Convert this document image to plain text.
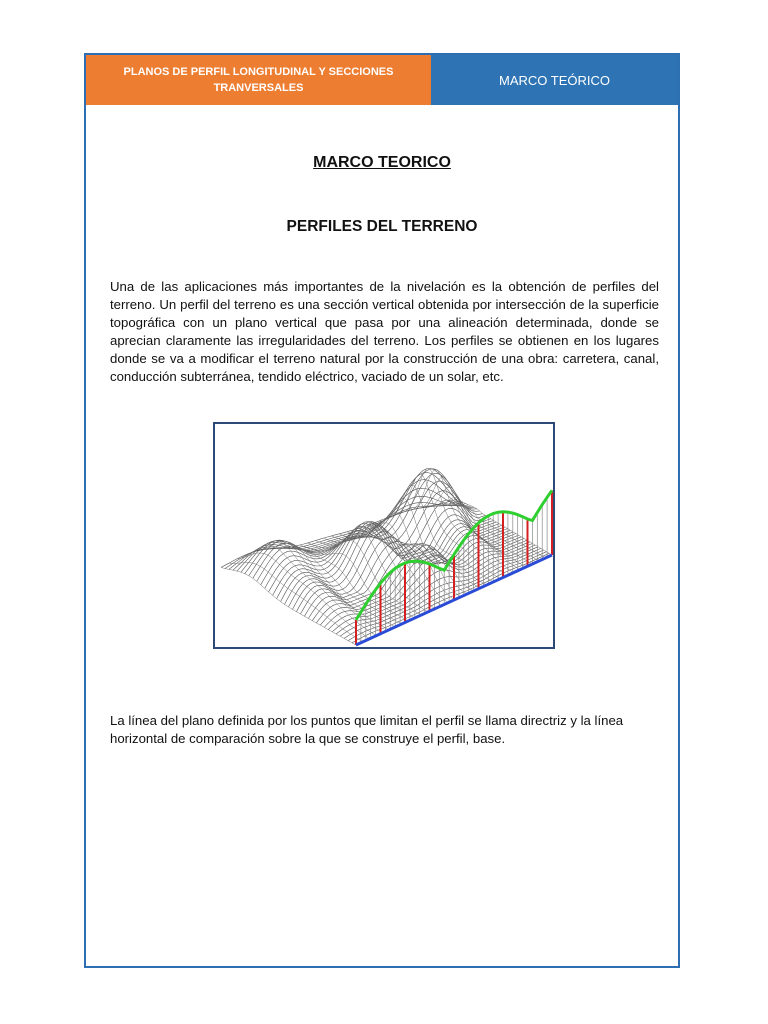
PLANOS DE PERFIL LONGITUDINAL Y SECCIONES TRANVERSALES
MARCO TEÓRICO
MARCO TEORICO
PERFILES DEL TERRENO
Una de las aplicaciones más importantes de la nivelación es la obtención de perfiles del terreno. Un perfil del terreno es una sección vertical obtenida por intersección de la superficie topográfica con un plano vertical que pasa por una alineación determinada, donde se aprecian claramente las irregularidades del terreno. Los perfiles se obtienen en los lugares donde se va a modificar el terreno natural por la construcción de una obra: carretera, canal, conducción subterránea, tendido eléctrico, vaciado de un solar, etc.
La línea del plano definida por los puntos que limitan el perfil se llama directriz y la línea horizontal de comparación sobre la que se construye el perfil, base.
